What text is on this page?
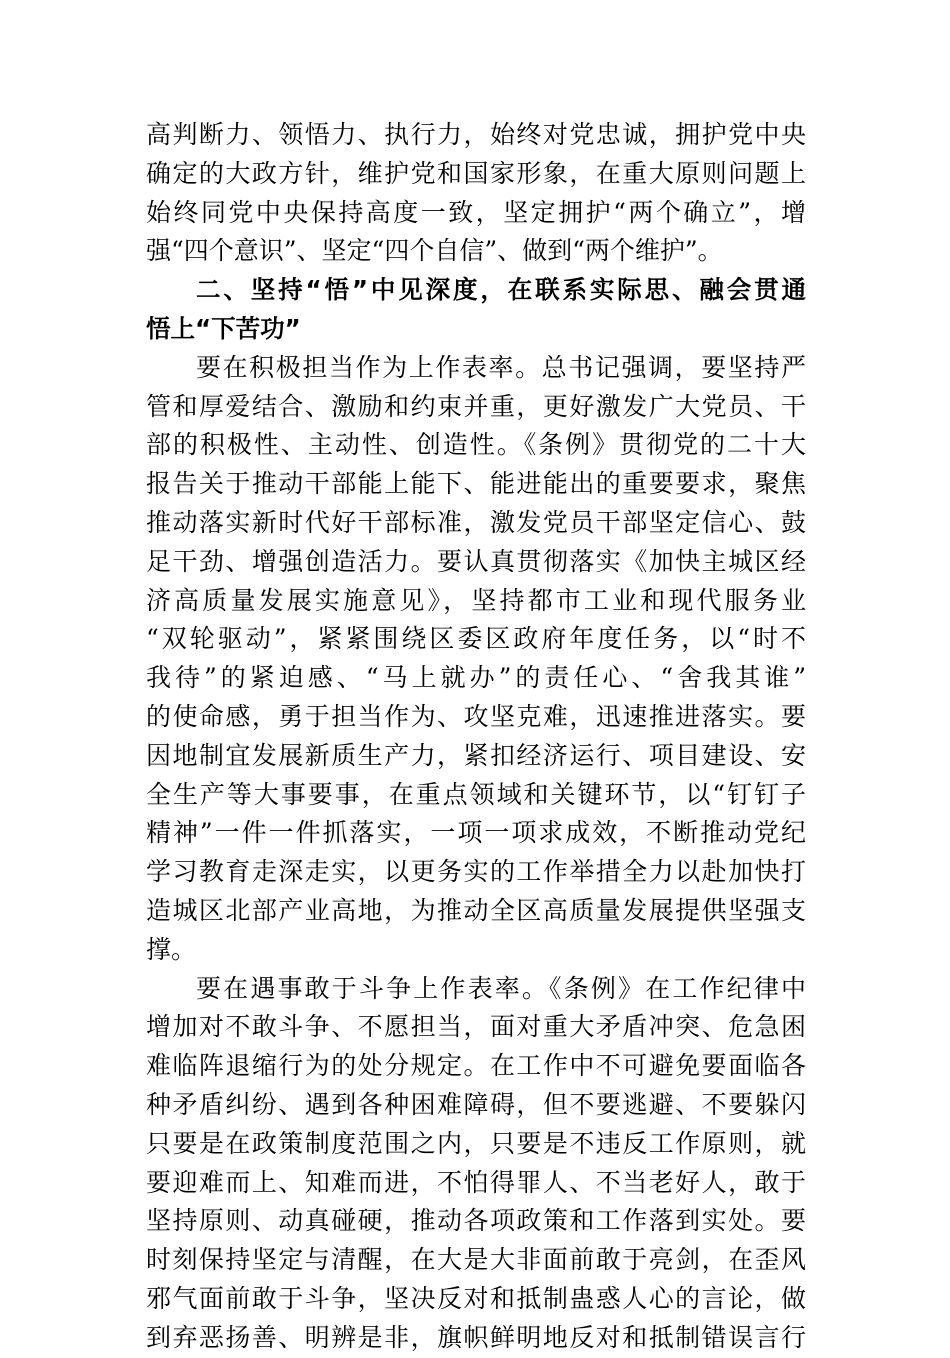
高判断力、领悟力、执行力，始终对党忠诚，拥护党中央
确定的大政方针，维护党和国家形象，在重大原则问题上
始终同党中央保持高度一致，坚定拥护“两个确立”，增
强“四个意识”、坚定“四个自信”、做到“两个维护”。
二、坚持“悟”中见深度，在联系实际思、融会贯通
悟上“下苦功”
要在积极担当作为上作表率。总书记强调，要坚持严
管和厚爱结合、激励和约束并重，更好激发广大党员、干
部的积极性、主动性、创造性。《条例》贯彻党的二十大
报告关于推动干部能上能下、能进能出的重要要求，聚焦
推动落实新时代好干部标准，激发党员干部坚定信心、鼓
足干劲、增强创造活力。要认真贯彻落实《加快主城区经
济高质量发展实施意见》，坚持都市工业和现代服务业
“双轮驱动”，紧紧围绕区委区政府年度任务，以“时不
我待”的紧迫感、“马上就办”的责任心、“舍我其谁”
的使命感，勇于担当作为、攻坚克难，迅速推进落实。要
因地制宜发展新质生产力，紧扣经济运行、项目建设、安
全生产等大事要事，在重点领域和关键环节，以“钉钉子
精神”一件一件抓落实，一项一项求成效，不断推动党纪
学习教育走深走实，以更务实的工作举措全力以赴加快打
造城区北部产业高地，为推动全区高质量发展提供坚强支
撑。
要在遇事敢于斗争上作表率。《条例》在工作纪律中
增加对不敢斗争、不愿担当，面对重大矛盾冲突、危急困
难临阵退缩行为的处分规定。在工作中不可避免要面临各
种矛盾纠纷、遇到各种困难障碍，但不要逃避、不要躲闪
只要是在政策制度范围之内，只要是不违反工作原则，就
要迎难而上、知难而进，不怕得罪人、不当老好人，敢于
坚持原则、动真碰硬，推动各项政策和工作落到实处。要
时刻保持坚定与清醒，在大是大非面前敢于亮剑，在歪风
邪气面前敢于斗争，坚决反对和抵制蛊惑人心的言论，做
到弃恶扬善、明辨是非，旗帜鲜明地反对和抵制错误言行
